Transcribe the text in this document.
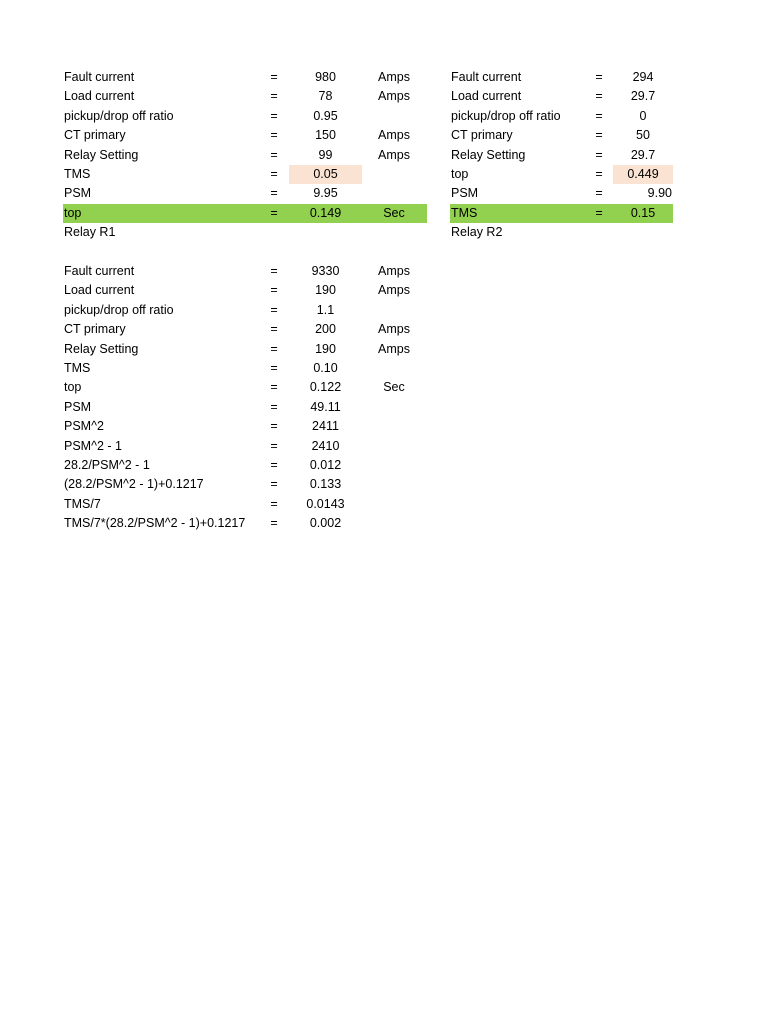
Fault current	=	980	Amps
Load current	=	78	Amps
pickup/drop off ratio	=	0.95
CT primary	=	150	Amps
Relay Setting	=	99	Amps
TMS	=	0.05
PSM	=	9.95
top	=	0.149	Sec
Relay R1
Fault current	=	294
Load current	=	29.7
pickup/drop off ratio	=	0
CT primary	=	50
Relay Setting	=	29.7
top	=	0.449
PSM	=	9.90
TMS	=	0.15
Relay R2
Fault current	=	9330	Amps
Load current	=	190	Amps
pickup/drop off ratio	=	1.1
CT primary	=	200	Amps
Relay Setting	=	190	Amps
TMS	=	0.10
top	=	0.122	Sec
PSM	=	49.11
PSM^2	=	2411
PSM^2 - 1	=	2410
28.2/PSM^2 - 1	=	0.012
(28.2/PSM^2 - 1)+0.1217	=	0.133
TMS/7	=	0.0143
TMS/7*(28.2/PSM^2 - 1)+0.1217 =	0.002
